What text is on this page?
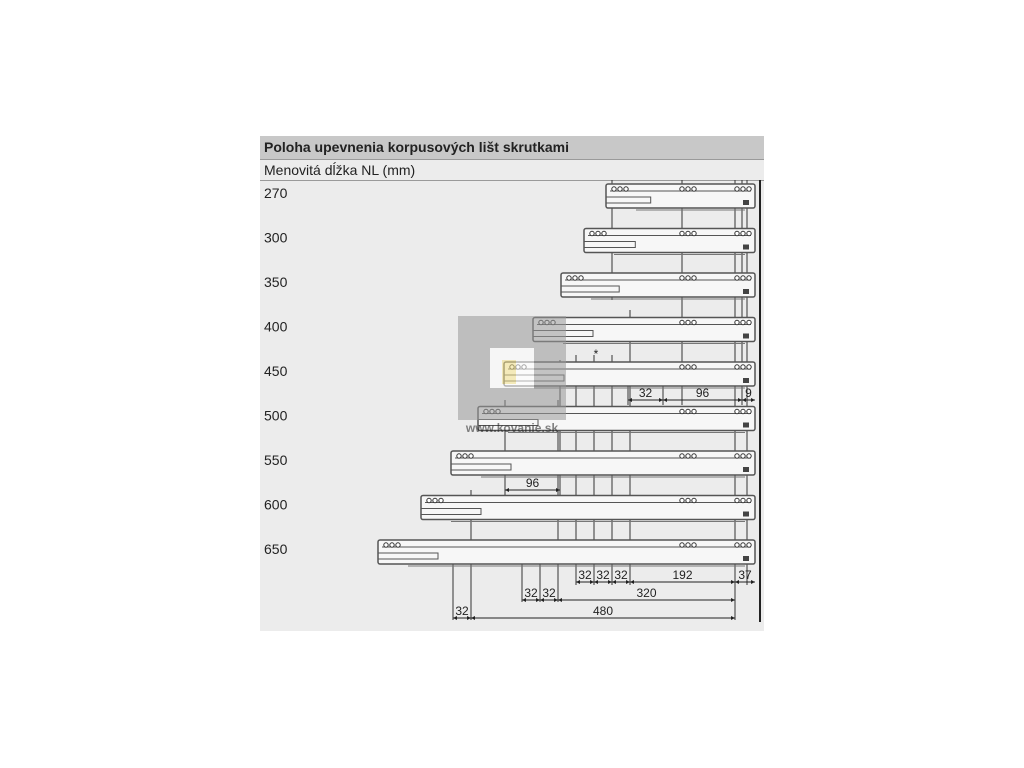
Poloha upevnenia korpusových lišt skrutkami
Menovitá dĺžka NL (mm)
270
300
350
400
450
500
550
600
650
*
32	96	9
96
32 32 32	192	37
32 32	320
32	480
www.kovanie.sk
